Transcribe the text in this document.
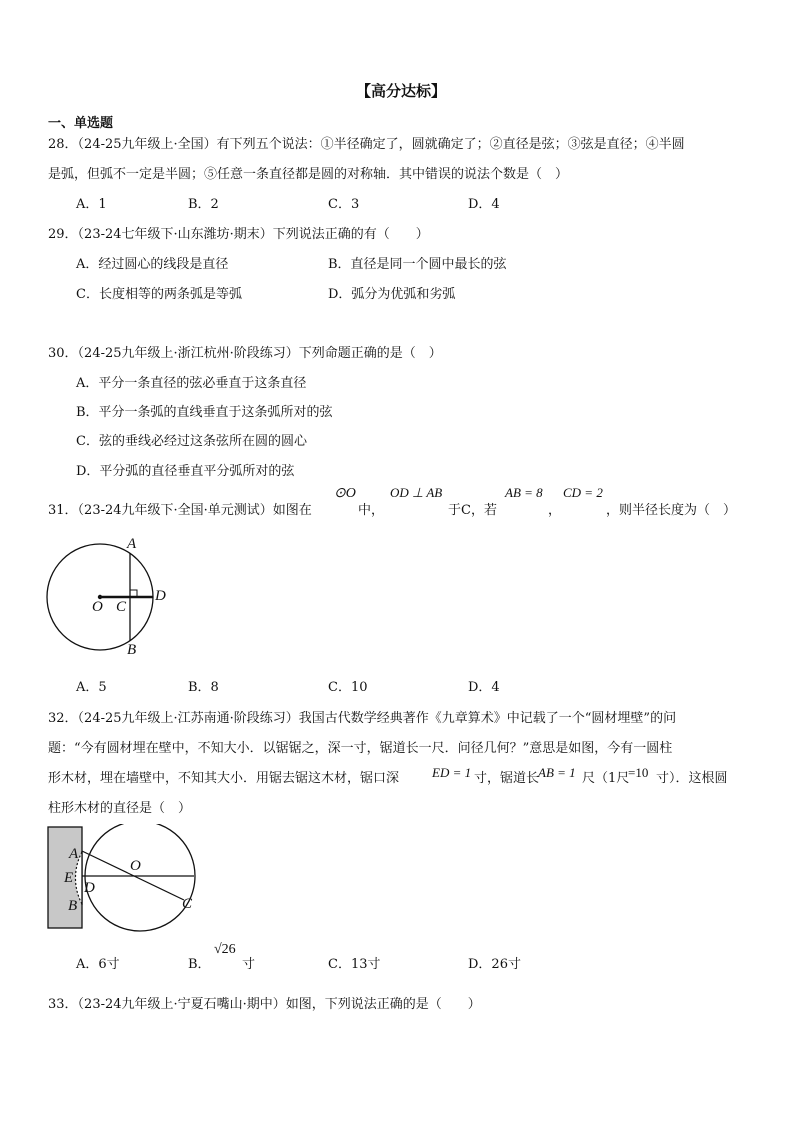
【高分达标】
一、单选题
28．（24-25九年级上·全国）有下列五个说法：①半径确定了，圆就确定了；②直径是弦；③弦是直径；④半圆
是弧，但弧不一定是半圆；⑤任意一条直径都是圆的对称轴．其中错误的说法个数是（　）
A．1	B．2	C．3	D．4
29．（23-24七年级下·山东潍坊·期末）下列说法正确的有（　　）
A．经过圆心的线段是直径	B．直径是同一个圆中最长的弦
C．长度相等的两条弧是等弧	D．弧分为优弧和劣弧
30．（24-25九年级上·浙江杭州·阶段练习）下列命题正确的是（　）
A．平分一条直径的弦必垂直于这条直径
B．平分一条弧的直线垂直于这条弧所对的弦
C．弦的垂线必经过这条弦所在圆的圆心
D．平分弧的直径垂直平分弧所对的弦
31．（23-24九年级下·全国·单元测试）如图在
⊙O
中，
OD ⊥ AB
于C，若
AB = 8
，
CD = 2
，则半径长度为（　）
A
B
C
D
O
A．5	B．8	C．10	D．4
32．（24-25九年级上·江苏南通·阶段练习）我国古代数学经典著作《九章算术》中记载了一个“圆材埋壁”的问
题：“今有圆材埋在壁中，不知大小．以锯锯之，深一寸，锯道长一尺．问径几何？”意思是如图，今有一圆柱
形木材，埋在墙壁中，不知其大小．用锯去锯这木材，锯口深	ED = 1 寸，锯道长
AB = 1 尺（1尺
=10 寸）．这根圆
柱形木材的直径是（　）
A
E
D
B
O
C
A．6寸	B．
√26
寸	C．13寸	D．26寸
33．（23-24九年级上·宁夏石嘴山·期中）如图，下列说法正确的是（　　）
